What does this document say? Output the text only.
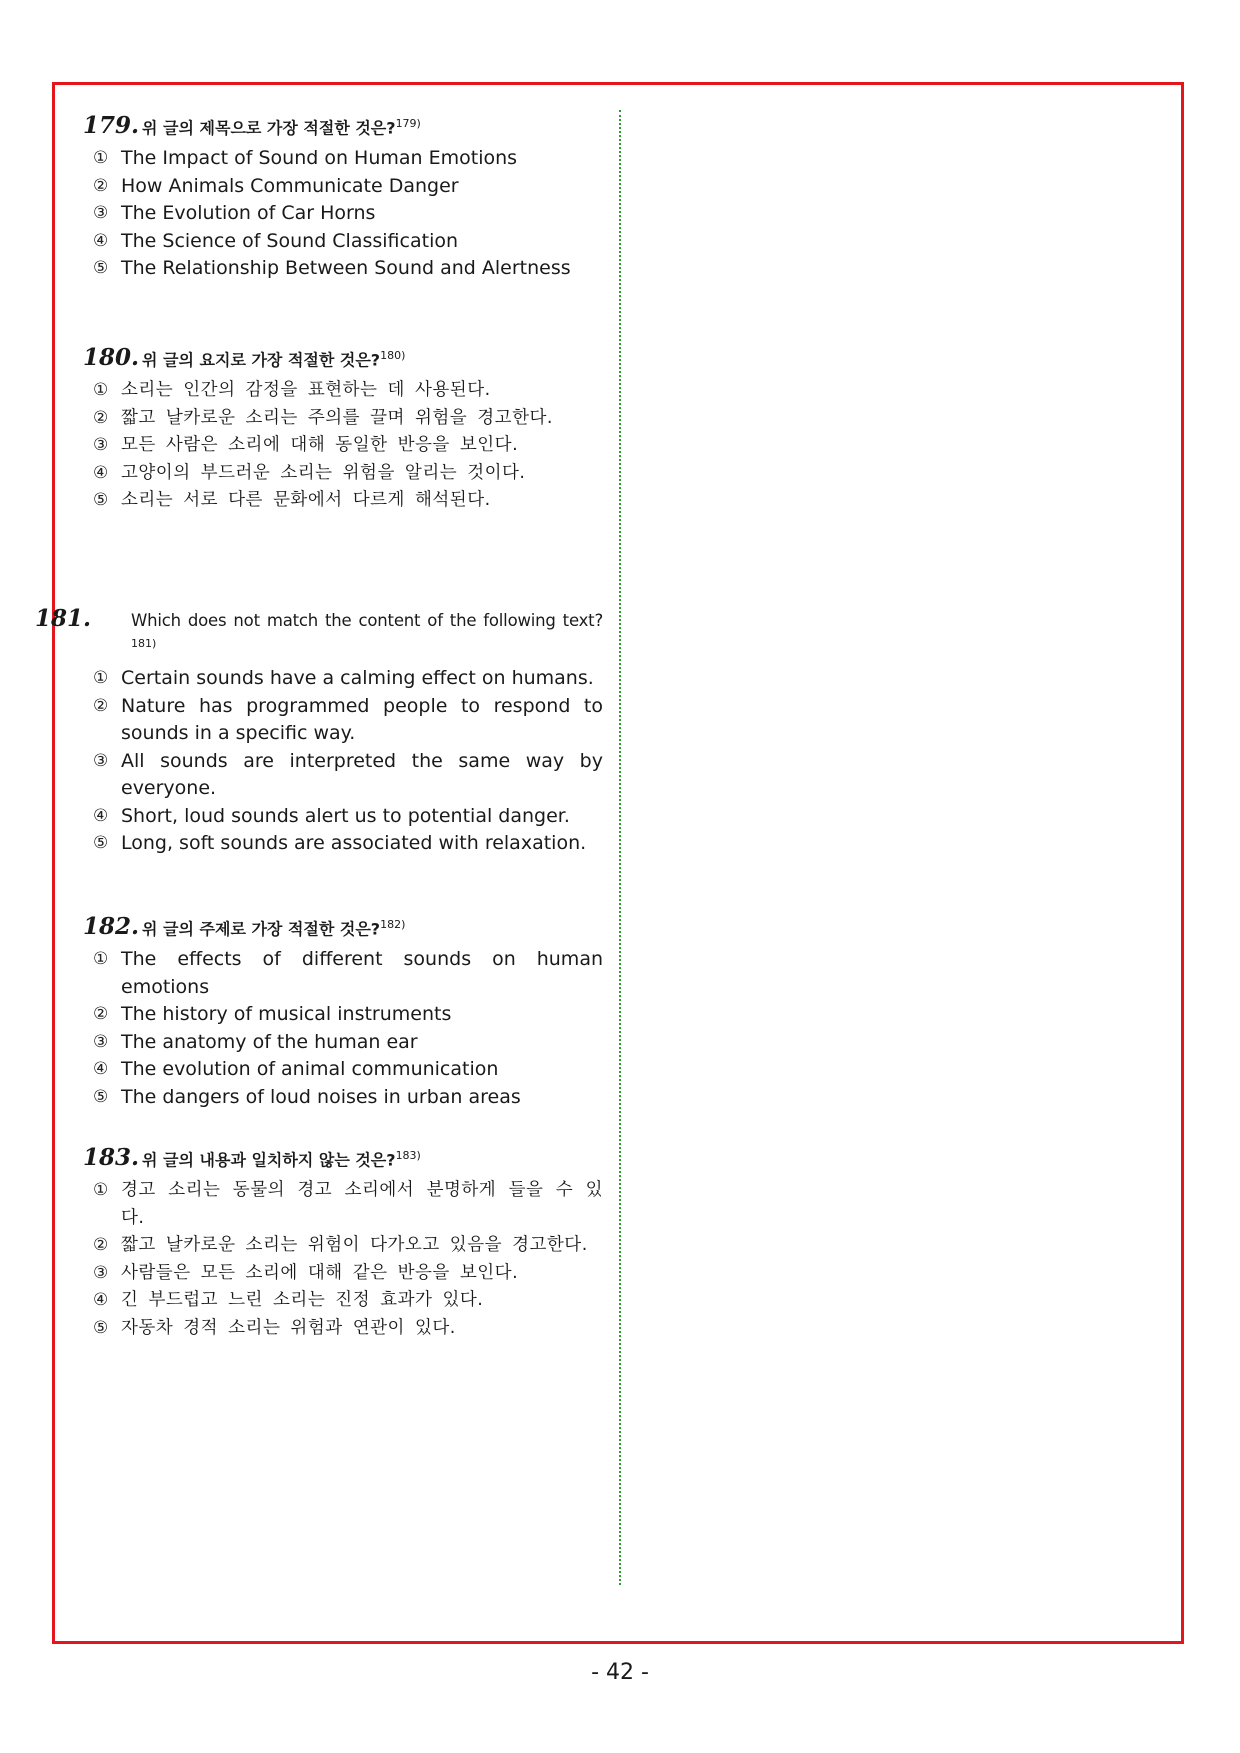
179. 위 글의 제목으로 가장 적절한 것은?$^{179)}$
① The Impact of Sound on Human Emotions
② How Animals Communicate Danger
③ The Evolution of Car Horns
④ The Science of Sound Classification
⑤ The Relationship Between Sound and Alertness
180. 위 글의 요지로 가장 적절한 것은?$^{180)}$
① 소리는 인간의 감정을 표현하는 데 사용된다.
② 짧고 날카로운 소리는 주의를 끌며 위험을 경고한다.
③ 모든 사람은 소리에 대해 동일한 반응을 보인다.
④ 고양이의 부드러운 소리는 위험을 알리는 것이다.
⑤ 소리는 서로 다른 문화에서 다르게 해석된다.
181. Which does not match the content of the following text?$^{181)}$
① Certain sounds have a calming effect on humans.
② Nature has programmed people to respond to sounds in a specific way.
③ All sounds are interpreted the same way by everyone.
④ Short, loud sounds alert us to potential danger.
⑤ Long, soft sounds are associated with relaxation.
182. 위 글의 주제로 가장 적절한 것은?$^{182)}$
① The effects of different sounds on human emotions
② The history of musical instruments
③ The anatomy of the human ear
④ The evolution of animal communication
⑤ The dangers of loud noises in urban areas
183. 위 글의 내용과 일치하지 않는 것은?$^{183)}$
① 경고 소리는 동물의 경고 소리에서 분명하게 들을 수 있다.
② 짧고 날카로운 소리는 위험이 다가오고 있음을 경고한다.
③ 사람들은 모든 소리에 대해 같은 반응을 보인다.
④ 긴 부드럽고 느린 소리는 진정 효과가 있다.
⑤ 자동차 경적 소리는 위험과 연관이 있다.
- 42 -
